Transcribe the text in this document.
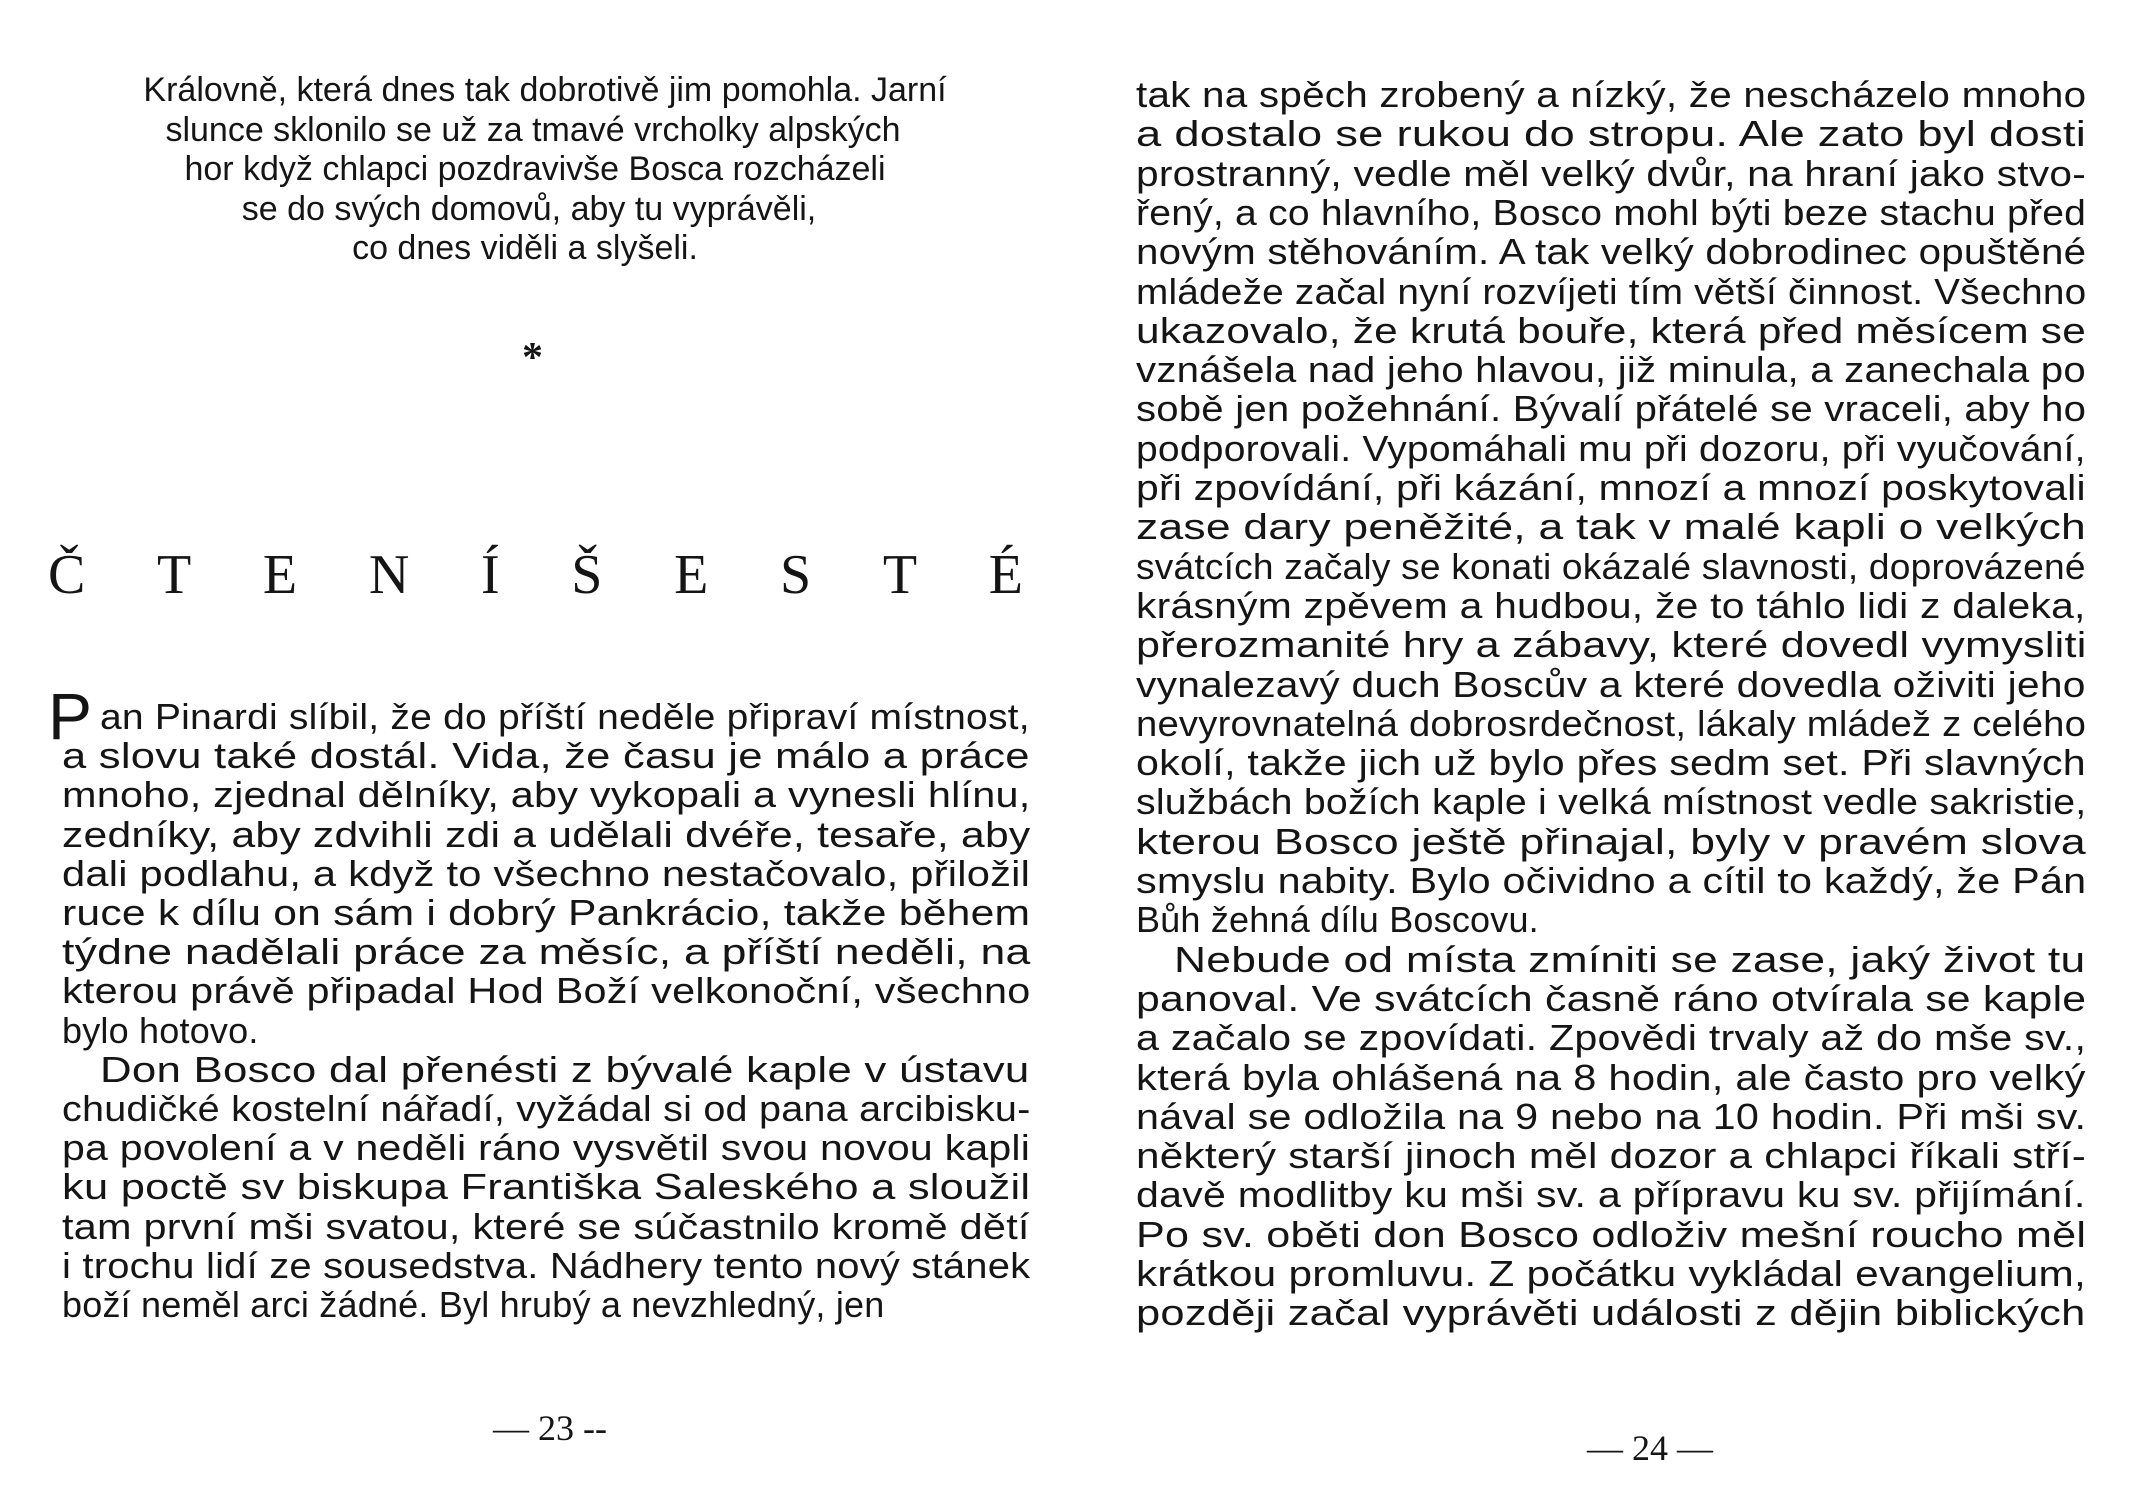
Královně, která dnes tak dobrotivě jim pomohla. Jarní
slunce sklonilo se už za tmavé vrcholky alpských
hor když chlapci pozdravivše Bosca rozcházeli
se do svých domovů, aby tu vyprávěli,
co dnes viděli a slyšeli.
*
Č T E N Í Š E S T É
P an Pinardi slíbil, že do příští neděle připraví místnost,
a slovu také dostál. Vida, že času je málo a práce
mnoho, zjednal dělníky, aby vykopali a vynesli hlínu,
zedníky, aby zdvihli zdi a udělali dvéře, tesaře, aby
dali podlahu, a když to všechno nestačovalo, přiložil
ruce k dílu on sám i dobrý Pankrácio, takže během
týdne nadělali práce za měsíc, a příští neděli, na
kterou právě připadal Hod Boží velkonoční, všechno
bylo hotovo.
Don Bosco dal přenésti z bývalé kaple v ústavu
chudičké kostelní nářadí, vyžádal si od pana arcibisku-
pa povolení a v neděli ráno vysvětil svou novou kapli
ku poctě sv biskupa Františka Saleského a sloužil
tam první mši svatou, které se súčastnilo kromě dětí
i trochu lidí ze sousedstva. Nádhery tento nový stánek
boží neměl arci žádné. Byl hrubý a nevzhledný, jen
— 23 --
tak na spěch zrobený a nízký, že nescházelo mnoho
a dostalo se rukou do stropu. Ale zato byl dosti
prostranný, vedle měl velký dvůr, na hraní jako stvo-
řený, a co hlavního, Bosco mohl býti beze stachu před
novým stěhováním. A tak velký dobrodinec opuštěné
mládeže začal nyní rozvíjeti tím větší činnost. Všechno
ukazovalo, že krutá bouře, která před měsícem se
vznášela nad jeho hlavou, již minula, a zanechala po
sobě jen požehnání. Bývalí přátelé se vraceli, aby ho
podporovali. Vypomáhali mu při dozoru, při vyučování,
při zpovídání, při kázání, mnozí a mnozí poskytovali
zase dary peněžité, a tak v malé kapli o velkých
svátcích začaly se konati okázalé slavnosti, doprovázené
krásným zpěvem a hudbou, že to táhlo lidi z daleka,
přerozmanité hry a zábavy, které dovedl vymysliti
vynalezavý duch Boscův a které dovedla oživiti jeho
nevyrovnatelná dobrosrdečnost, lákaly mládež z celého
okolí, takže jich už bylo přes sedm set. Při slavných
službách božích kaple i velká místnost vedle sakristie,
kterou Bosco ještě přinajal, byly v pravém slova
smyslu nabity. Bylo očividno a cítil to každý, že Pán
Bůh žehná dílu Boscovu.
Nebude od místa zmíniti se zase, jaký život tu
panoval. Ve svátcích časně ráno otvírala se kaple
a začalo se zpovídati. Zpovědi trvaly až do mše sv.,
která byla ohlášená na 8 hodin, ale často pro velký
nával se odložila na 9 nebo na 10 hodin. Při mši sv.
některý starší jinoch měl dozor a chlapci říkali stří-
davě modlitby ku mši sv. a přípravu ku sv. přijímání.
Po sv. oběti don Bosco odloživ mešní roucho měl
krátkou promluvu. Z počátku vykládal evangelium,
později začal vyprávěti události z dějin biblických
— 24 —
